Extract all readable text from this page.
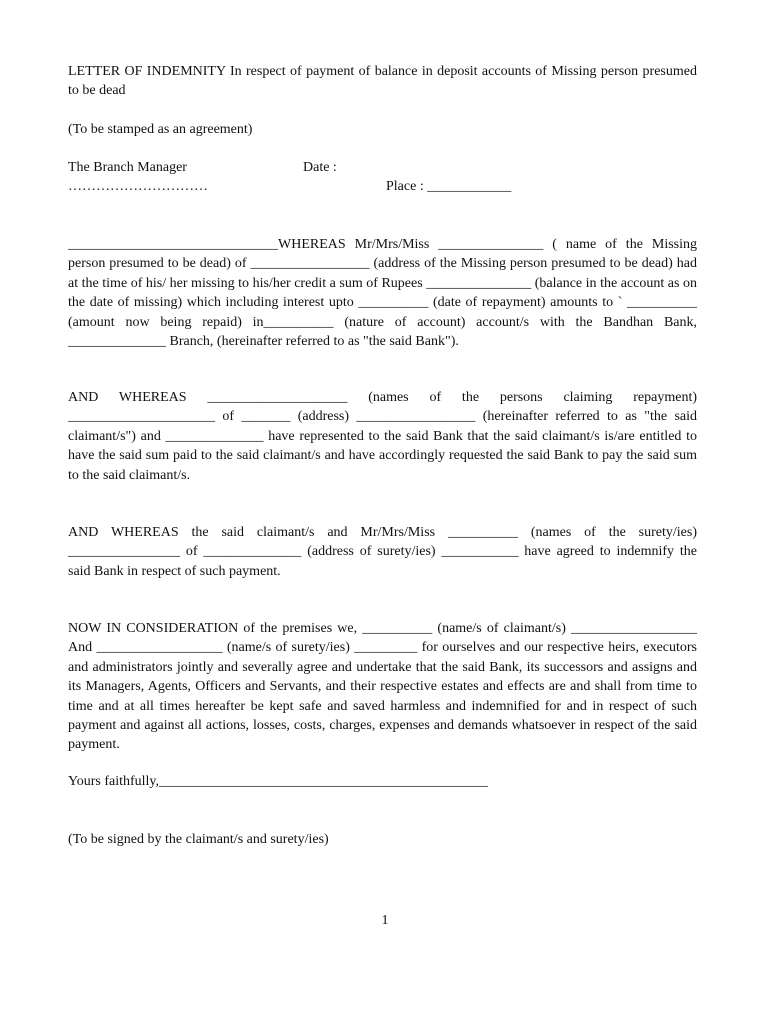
LETTER OF INDEMNITY In respect of payment of balance in deposit accounts of Missing person presumed to be dead
(To be stamped as an agreement)
The Branch Manager	Date :
…………………………	Place : ____________
______________________________WHEREAS Mr/Mrs/Miss _______________ ( name of the Missing person presumed to be dead) of _________________ (address of the Missing person presumed to be dead) had at the time of his/ her missing to his/her credit a sum of Rupees _______________ (balance in the account as on the date of missing) which including interest upto __________ (date of repayment) amounts to ` __________ (amount now being repaid) in__________ (nature of account) account/s with the Bandhan Bank, ______________ Branch, (hereinafter referred to as "the said Bank").
AND WHEREAS ____________________ (names of the persons claiming repayment) _____________________ of _______ (address) _________________ (hereinafter referred to as "the said claimant/s") and ______________ have represented to the said Bank that the said claimant/s is/are entitled to have the said sum paid to the said claimant/s and have accordingly requested the said Bank to pay the said sum to the said claimant/s.
AND WHEREAS the said claimant/s and Mr/Mrs/Miss __________ (names of the surety/ies) ________________ of ______________ (address of surety/ies) ___________ have agreed to indemnify the said Bank in respect of such payment.
NOW IN CONSIDERATION of the premises we, __________ (name/s of claimant/s) __________________ And __________________ (name/s of surety/ies) _________ for ourselves and our respective heirs, executors and administrators jointly and severally agree and undertake that the said Bank, its successors and assigns and its Managers, Agents, Officers and Servants, and their respective estates and effects are and shall from time to time and at all times hereafter be kept safe and saved harmless and indemnified for and in respect of such payment and against all actions, losses, costs, charges, expenses and demands whatsoever in respect of the said payment.
Yours faithfully,_______________________________________________
(To be signed by the claimant/s and surety/ies)
1
